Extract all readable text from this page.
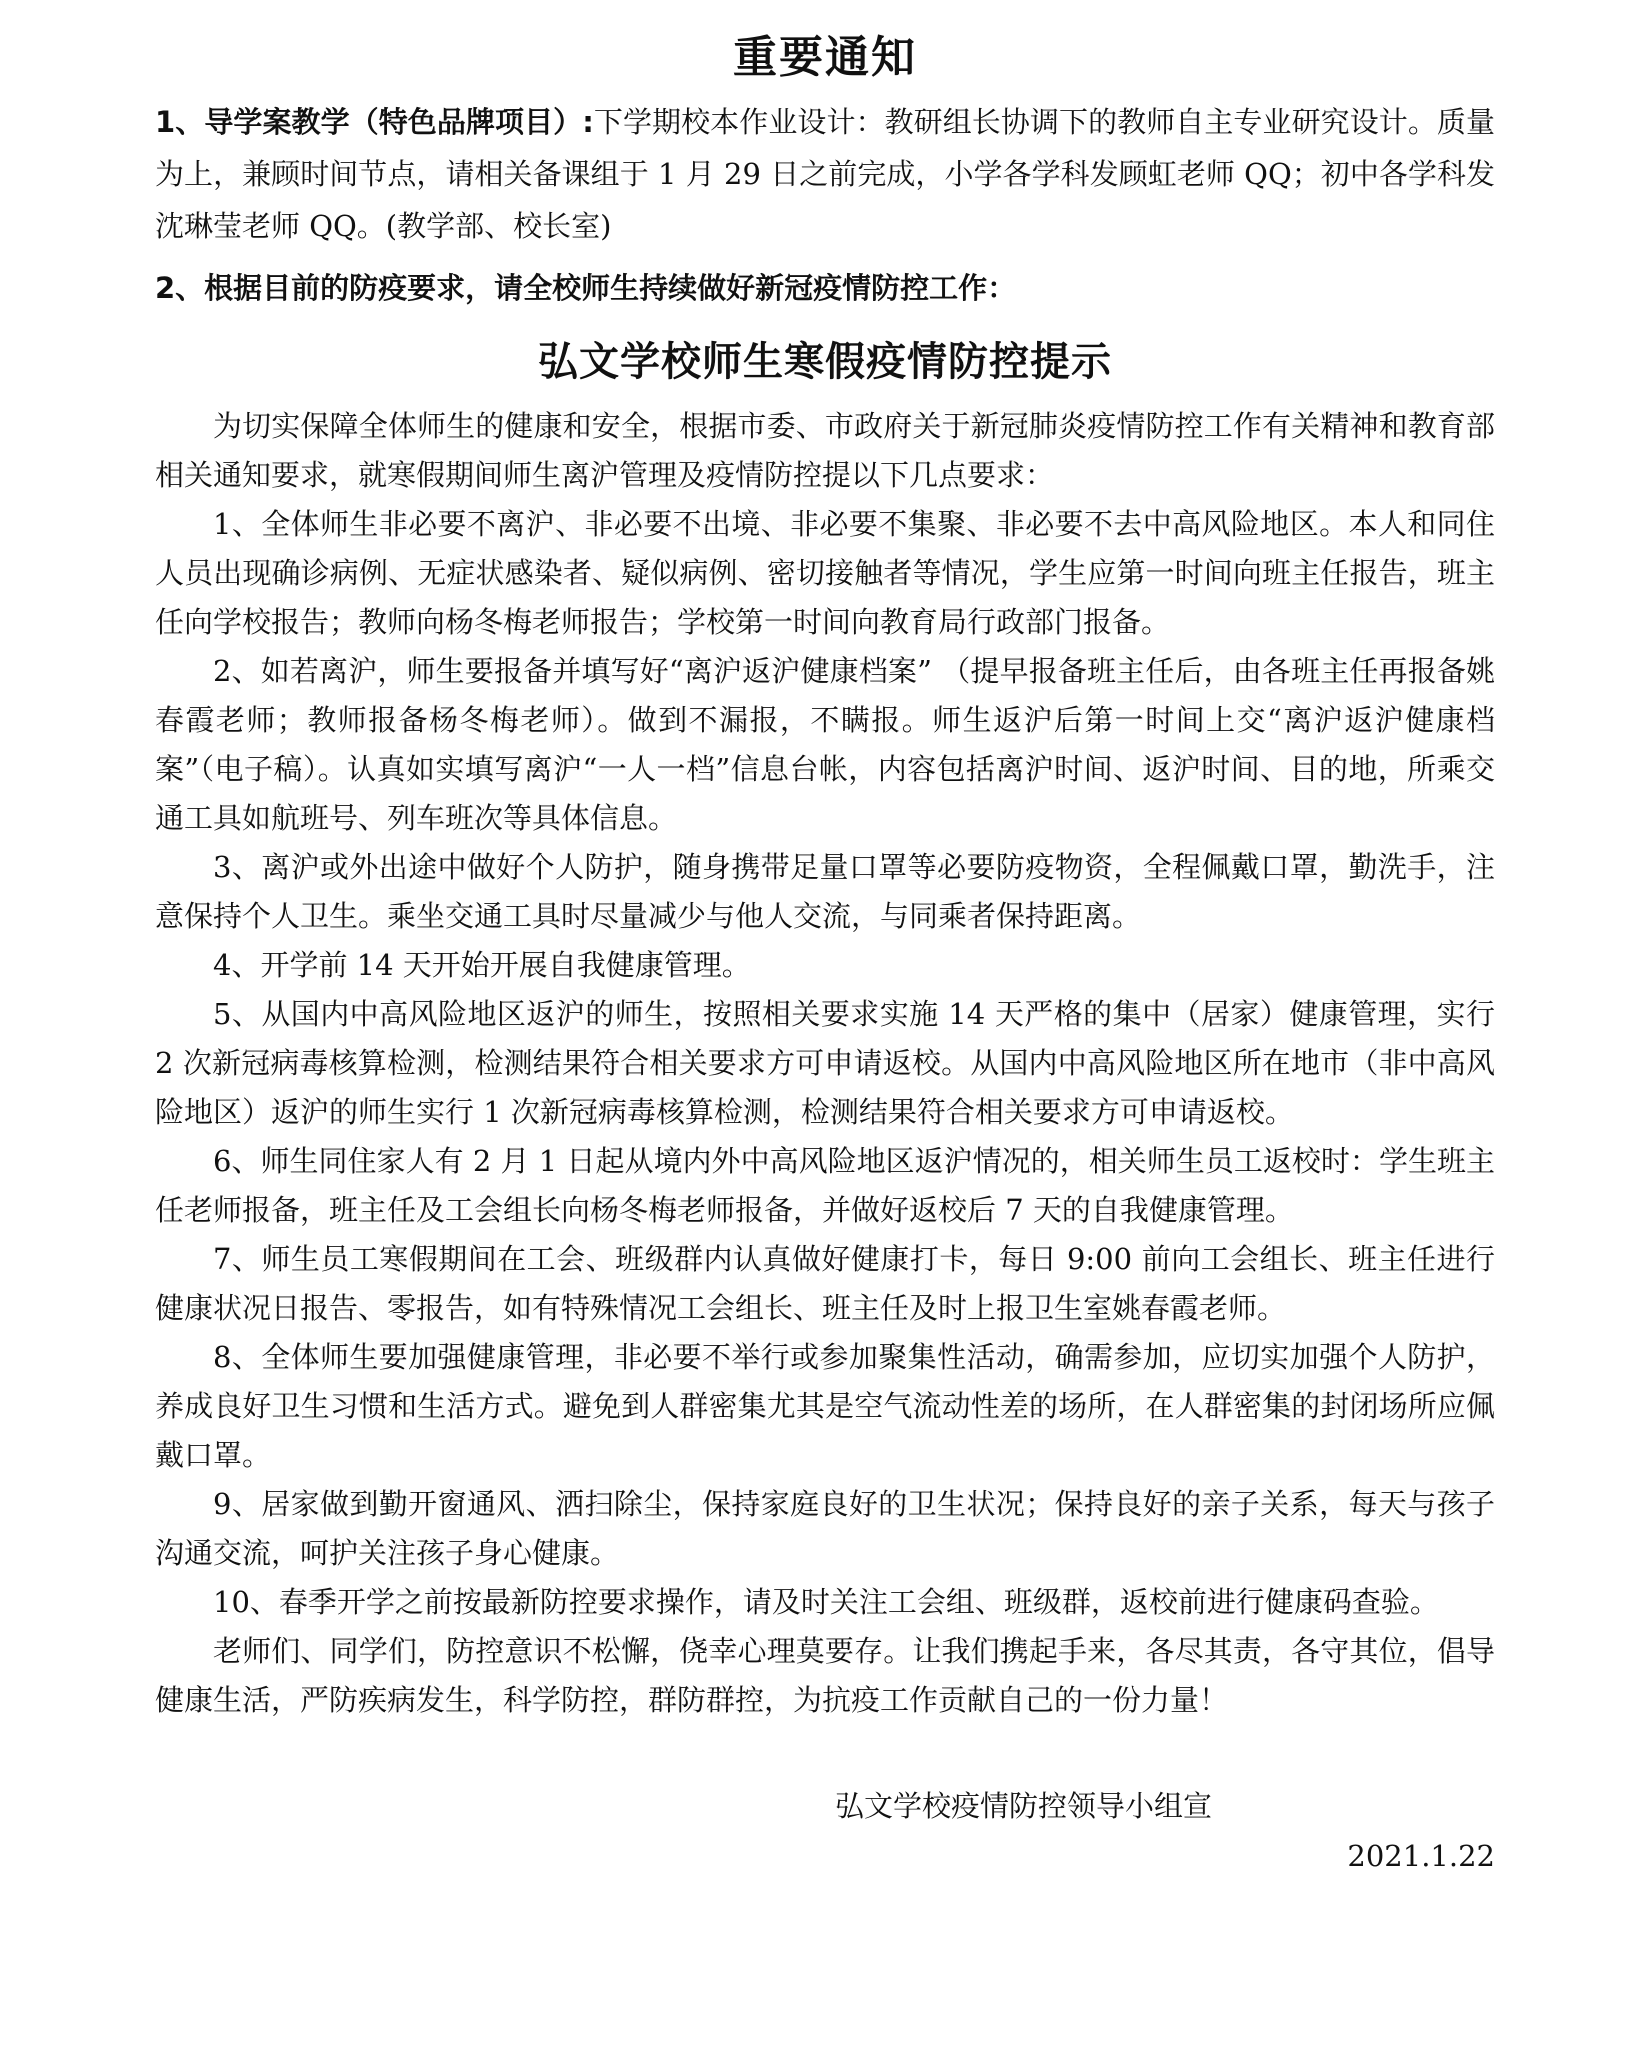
重要通知

1、导学案教学（特色品牌项目）:下学期校本作业设计：教研组长协调下的教师自主专业研究设计。质量为上，兼顾时间节点，请相关备课组于 1 月 29 日之前完成，小学各学科发顾虹老师 QQ；初中各学科发沈琳莹老师 QQ。(教学部、校长室)

2、根据目前的防疫要求，请全校师生持续做好新冠疫情防控工作：

弘文学校师生寒假疫情防控提示

为切实保障全体师生的健康和安全，根据市委、市政府关于新冠肺炎疫情防控工作有关精神和教育部相关通知要求，就寒假期间师生离沪管理及疫情防控提以下几点要求：

1、全体师生非必要不离沪、非必要不出境、非必要不集聚、非必要不去中高风险地区。本人和同住人员出现确诊病例、无症状感染者、疑似病例、密切接触者等情况，学生应第一时间向班主任报告，班主任向学校报告；教师向杨冬梅老师报告；学校第一时间向教育局行政部门报备。

2、如若离沪，师生要报备并填写好“离沪返沪健康档案” （提早报备班主任后，由各班主任再报备姚春霞老师；教师报备杨冬梅老师）。做到不漏报，不瞒报。师生返沪后第一时间上交“离沪返沪健康档案”（电子稿）。认真如实填写离沪“一人一档”信息台帐，内容包括离沪时间、返沪时间、目的地，所乘交通工具如航班号、列车班次等具体信息。

3、离沪或外出途中做好个人防护，随身携带足量口罩等必要防疫物资，全程佩戴口罩，勤洗手，注意保持个人卫生。乘坐交通工具时尽量减少与他人交流，与同乘者保持距离。

4、开学前 14 天开始开展自我健康管理。

5、从国内中高风险地区返沪的师生，按照相关要求实施 14 天严格的集中（居家）健康管理，实行 2 次新冠病毒核算检测，检测结果符合相关要求方可申请返校。从国内中高风险地区所在地市（非中高风险地区）返沪的师生实行 1 次新冠病毒核算检测，检测结果符合相关要求方可申请返校。

6、师生同住家人有 2 月 1 日起从境内外中高风险地区返沪情况的，相关师生员工返校时：学生班主任老师报备，班主任及工会组长向杨冬梅老师报备，并做好返校后 7 天的自我健康管理。

7、师生员工寒假期间在工会、班级群内认真做好健康打卡，每日 9:00 前向工会组长、班主任进行健康状况日报告、零报告，如有特殊情况工会组长、班主任及时上报卫生室姚春霞老师。

8、全体师生要加强健康管理，非必要不举行或参加聚集性活动，确需参加，应切实加强个人防护，养成良好卫生习惯和生活方式。避免到人群密集尤其是空气流动性差的场所，在人群密集的封闭场所应佩戴口罩。

9、居家做到勤开窗通风、洒扫除尘，保持家庭良好的卫生状况；保持良好的亲子关系，每天与孩子沟通交流，呵护关注孩子身心健康。

10、春季开学之前按最新防控要求操作，请及时关注工会组、班级群，返校前进行健康码查验。

老师们、同学们，防控意识不松懈，侥幸心理莫要存。让我们携起手来，各尽其责，各守其位，倡导健康生活，严防疾病发生，科学防控，群防群控，为抗疫工作贡献自己的一份力量！

弘文学校疫情防控领导小组宣

2021.1.22
